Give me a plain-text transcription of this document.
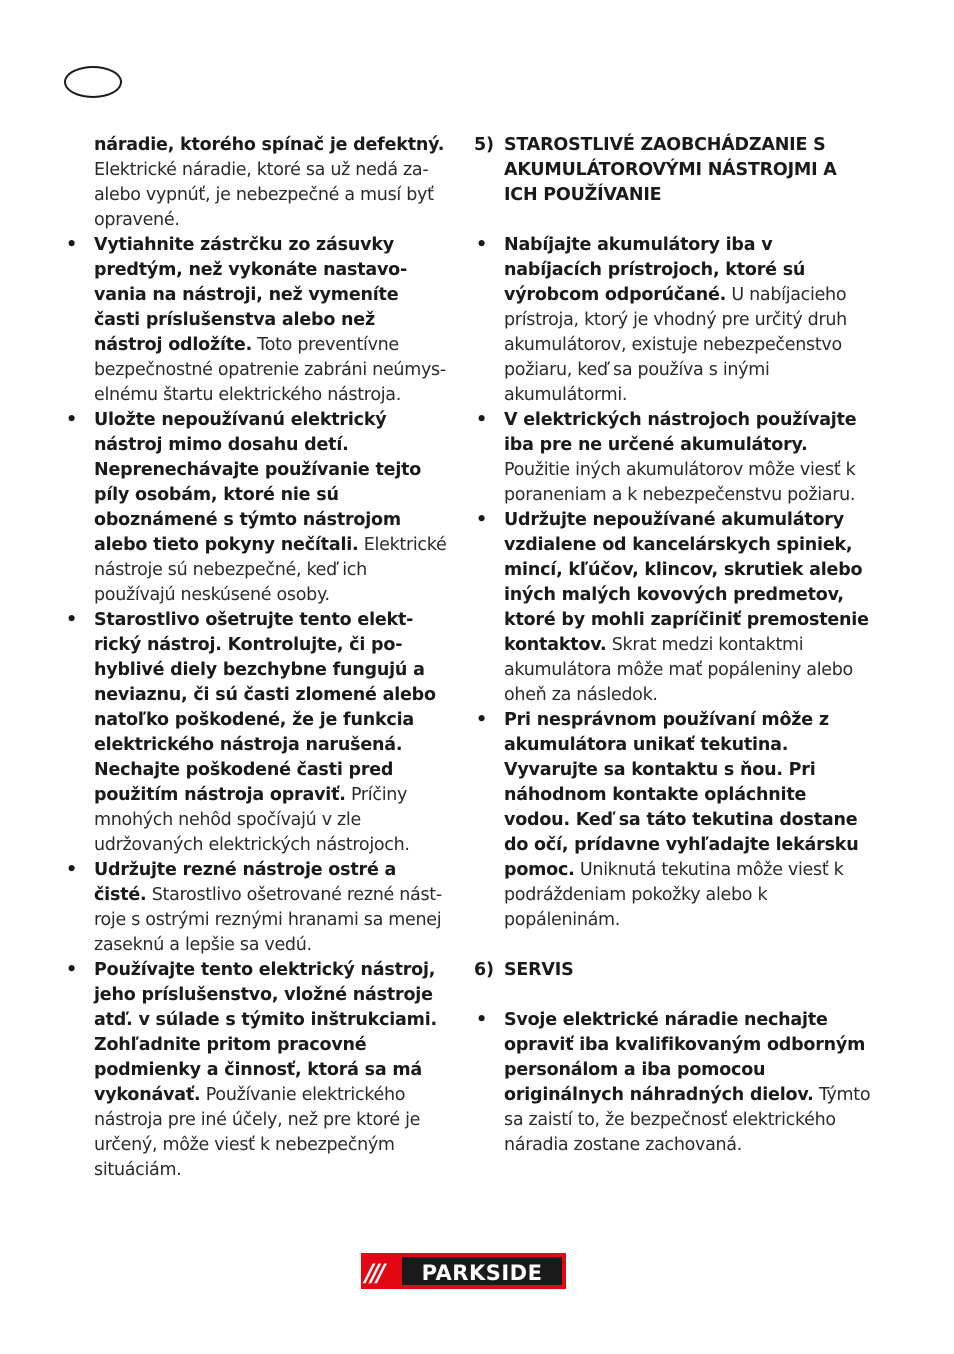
náradie, ktorého spínač je defektný. Elektrické náradie, ktoré sa už nedá za- alebo vypnúť, je nebezpečné a musí byť opravené.

• Vytiahnite zástrčku zo zásuvky predtým, než vykonáte nastavovania na nástroji, než vymeníte časti príslušenstva alebo než nástroj odložíte. Toto preventívne bezpečnostné opatrenie zabráni neúmyselnému štartu elektrického nástroja.

• Uložte nepoužívanú elektrický nástroj mimo dosahu detí. Neprenechávajte používanie tejto píly osobám, ktoré nie sú oboznámené s týmto nástrojom alebo tieto pokyny nečítali. Elektrické nástroje sú nebezpečné, keď ich používajú neskúsené osoby.

• Starostlivo ošetrujte tento elektrický nástroj. Kontrolujte, či pohyblivé diely bezchybne fungujú a neviaznu, či sú časti zlomené alebo natoľko poškodené, že je funkcia elektrického nástroja narušená. Nechajte poškodené časti pred použitím nástroja opraviť. Príčiny mnohých nehôd spočívajú v zle udržovaných elektrických nástrojoch.

• Udržujte rezné nástroje ostré a čisté. Starostlivo ošetrované rezné nástroje s ostrými reznými hranami sa menej zaseknú a lepšie sa vedú.

• Používajte tento elektrický nástroj, jeho príslušenstvo, vložné nástroje atď. v súlade s týmito inštrukciami. Zohľadnite pritom pracovné podmienky a činnosť, ktorá sa má vykonávať. Používanie elektrického nástroja pre iné účely, než pre ktoré je určený, môže viesť k nebezpečným situáciám.

5) STAROSTLIVÉ ZAOBCHÁDZANIE S AKUMULÁTOROVÝMI NÁSTROJMI A ICH POUŽÍVANIE

• Nabíjajte akumulátory iba v nabíjacích prístrojoch, ktoré sú výrobcom odporúčané. U nabíjacieho prístroja, ktorý je vhodný pre určitý druh akumulátorov, existuje nebezpečenstvo požiaru, keď sa používa s inými akumulátormi.

• V elektrických nástrojoch používajte iba pre ne určené akumulátory. Použitie iných akumulátorov môže viesť k poraneniam a k nebezpečenstvu požiaru.

• Udržujte nepoužívané akumulátory vzdialene od kancelárskych spiniek, mincí, kľúčov, klincov, skrutiek alebo iných malých kovových predmetov, ktoré by mohli zapríčiniť premostenie kontaktov. Skrat medzi kontaktmi akumulátora môže mať popáleniny alebo oheň za následok.

• Pri nesprávnom používaní môže z akumulátora unikať tekutina. Vyvarujte sa kontaktu s ňou. Pri náhodnom kontakte opláchnite vodou. Keď sa táto tekutina dostane do očí, prídavne vyhľadajte lekársku pomoc. Uniknutá tekutina môže viesť k podráždeniam pokožky alebo k popáleninám.

6) SERVIS

• Svoje elektrické náradie nechajte opraviť iba kvalifikovaným odborným personálom a iba pomocou originálnych náhradných dielov. Týmto sa zaistí to, že bezpečnosť elektrického náradia zostane zachovaná.

/// PARKSIDE
